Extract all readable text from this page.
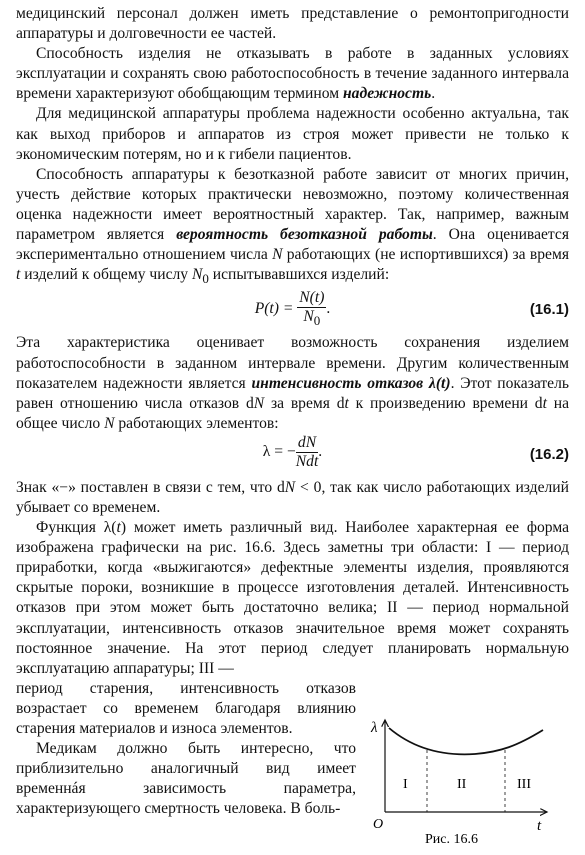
медицинский персонал должен иметь представление о ремонтопригодности аппаратуры и долговечности ее частей.

Способность изделия не отказывать в работе в заданных условиях эксплуатации и сохранять свою работоспособность в течение заданного интервала времени характеризуют обобщающим термином надежность.

Для медицинской аппаратуры проблема надежности особенно актуальна, так как выход приборов и аппаратов из строя может привести не только к экономическим потерям, но и к гибели пациентов.

Способность аппаратуры к безотказной работе зависит от многих причин, учесть действие которых практически невозможно, поэтому количественная оценка надежности имеет вероятностный характер. Так, например, важным параметром является вероятность безотказной работы. Она оценивается экспериментально отношением числа N работающих (не испортившихся) за время t изделий к общему числу $N_0$ испытывавшихся изделий:

$P(t) = \frac{N(t)}{N_0}$ .	(16.1)

Эта характеристика оценивает возможность сохранения изделием работоспособности в заданном интервале времени. Другим количественным показателем надежности является интенсивность отказов λ(t). Этот показатель равен отношению числа отказов dN за время dt к произведению времени dt на общее число N работающих элементов:

λ = − $\frac{dN}{\text{Ndt}}$ .	(16.2)

Знак «−» поставлен в связи с тем, что dN < 0, так как число работающих изделий убывает со временем.

Функция λ(t) может иметь различный вид. Наиболее характерная ее форма изображена графически на рис. 16.6. Здесь заметны три области: I — период приработки, когда «выжигаются» дефектные элементы изделия, проявляются скрытые пороки, возникшие в процессе изготовления деталей. Интенсивность отказов при этом может быть достаточно велика; II — период нормальной эксплуатации, интенсивность отказов значительное время может сохранять постоянное значение. На этот период следует планировать нормальную эксплуатацию аппаратуры; III —

период старения, интенсивность отказов возрастает со временем благодаря влиянию старения материалов и износа элементов.

Медикам должно быть интересно, что приблизительно аналогичный вид имеет временнáя зависимость параметра, характеризующего смертность человека. В боль-

λ
t
O
I	II	III
Рис. 16.6
